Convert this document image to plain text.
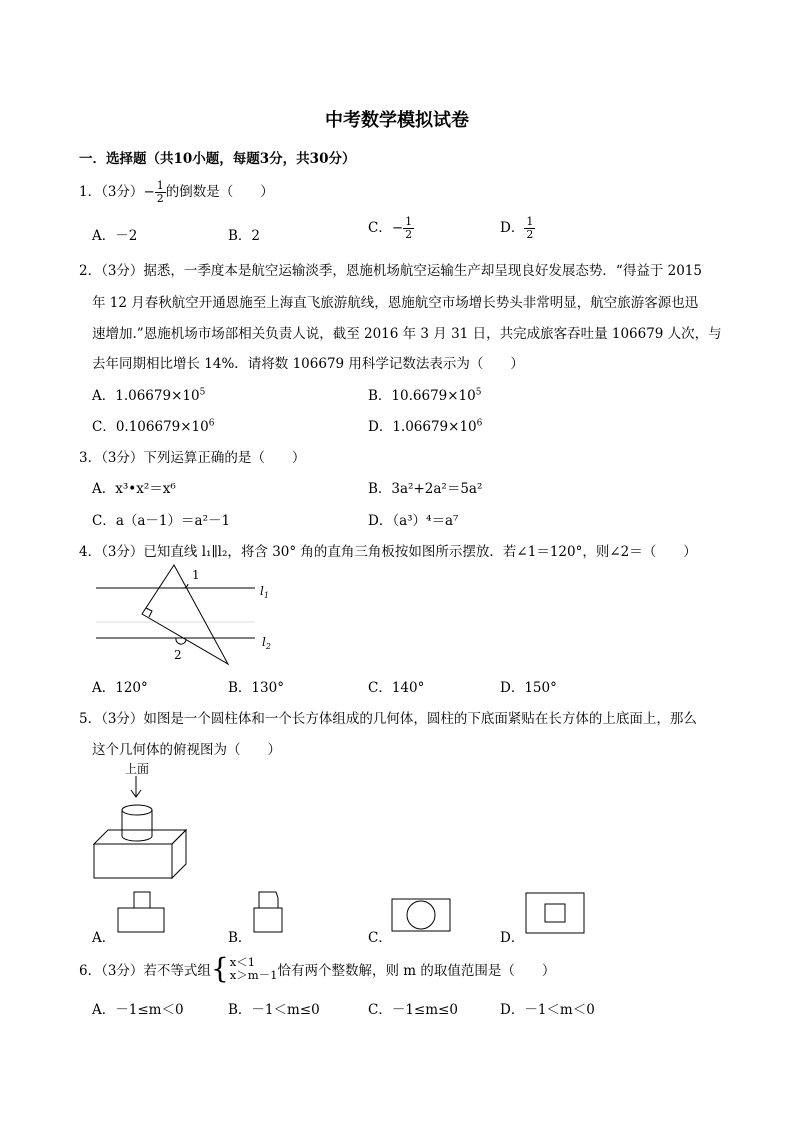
中考数学模拟试卷
一．选择题（共10小题，每题3分，共30分）
1．（3分）− $\frac{1}{2}$ 的倒数是（　　）
A．－2	B．2	C．− $\frac{1}{2}$	D． $\frac{1}{2}$
2．（3分）据悉，一季度本是航空运输淡季，恩施机场航空运输生产却呈现良好发展态势．“得益于 2015
年 12 月春秋航空开通恩施至上海直飞旅游航线，恩施航空市场增长势头非常明显，航空旅游客源也迅
速增加.”恩施机场市场部相关负责人说，截至 2016 年 3 月 31 日，共完成旅客吞吐量 106679 人次，与
去年同期相比增长 14%．请将数 106679 用科学记数法表示为（　　）
A．$1.06679\times 10^5$	B．$10.6679\times 10^5$
C．$0.106679\times 10^6$	D．$1.06679\times 10^6$
3．（3分）下列运算正确的是（　　）
A．x³•x²＝x⁶	B．3a²+2a²＝5a²
C．a（a－1）＝a²－1	D．（a³）⁴＝a⁷
4．（3分）已知直线 l₁∥l₂，将含 30° 角的直角三角板按如图所示摆放．若∠1＝120°，则∠2＝（　　）
1
2
$l_1$
$l_2$
A．120°	B．130°	C．140°	D．150°
5．（3分）如图是一个圆柱体和一个长方体组成的几何体，圆柱的下底面紧贴在长方体的上底面上，那么
这个几何体的俯视图为（　　）
上面
A．	B．	C．	D．
6．（3分）若不等式组{ x＜1
x＞m－1 恰有两个整数解，则 m 的取值范围是（　　）
A．－1≤m＜0	B．－1＜m≤0	C．－1≤m≤0	D．－1＜m＜0
